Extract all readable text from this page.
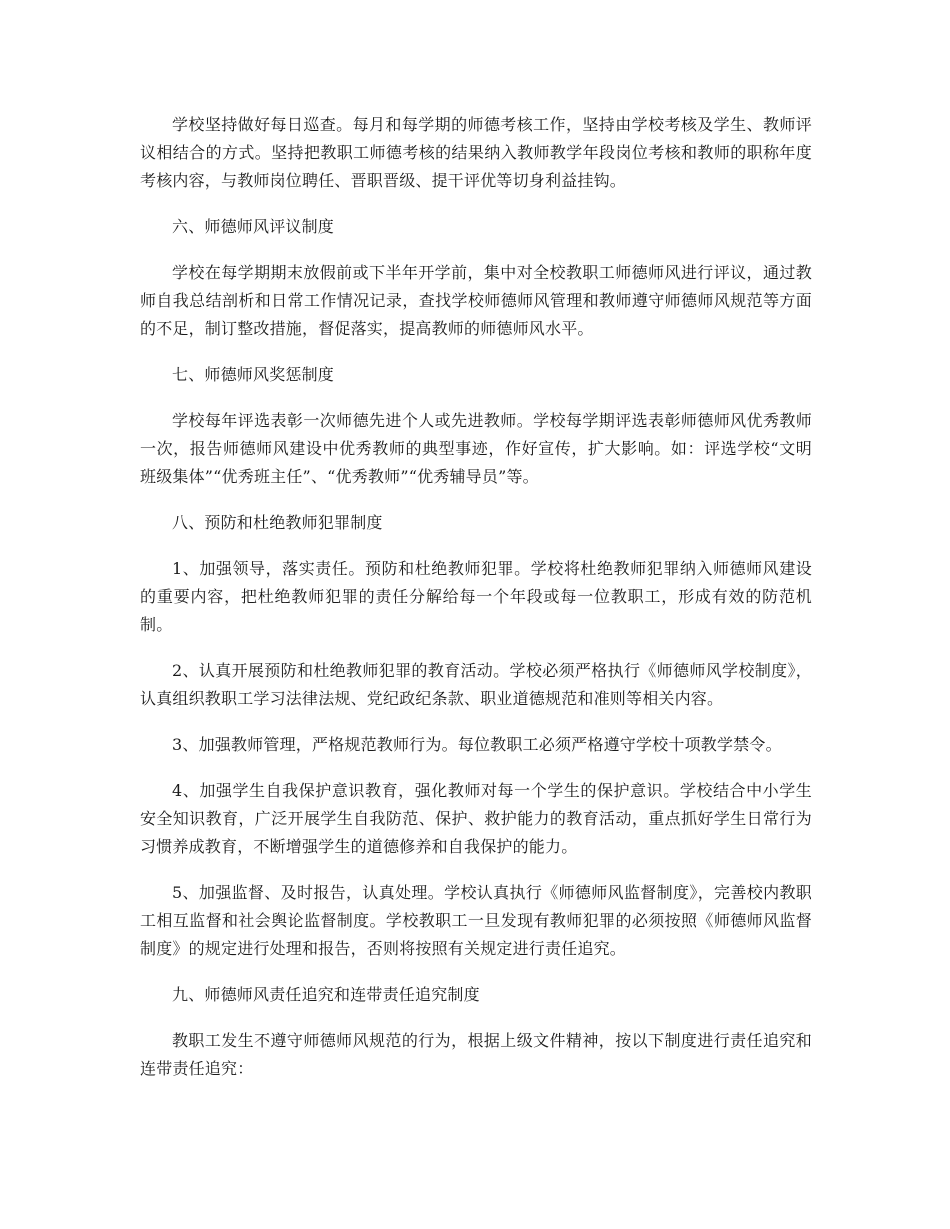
学校坚持做好每日巡查。每月和每学期的师德考核工作，坚持由学校考核及学生、教师评议相结合的方式。坚持把教职工师德考核的结果纳入教师教学年段岗位考核和教师的职称年度考核内容，与教师岗位聘任、晋职晋级、提干评优等切身利益挂钩。

六、师德师风评议制度

学校在每学期期末放假前或下半年开学前，集中对全校教职工师德师风进行评议，通过教师自我总结剖析和日常工作情况记录，查找学校师德师风管理和教师遵守师德师风规范等方面的不足，制订整改措施，督促落实，提高教师的师德师风水平。

七、师德师风奖惩制度

学校每年评选表彰一次师德先进个人或先进教师。学校每学期评选表彰师德师风优秀教师一次，报告师德师风建设中优秀教师的典型事迹，作好宣传，扩大影响。如：评选学校“文明班级集体”“优秀班主任”、“优秀教师”“优秀辅导员”等。

八、预防和杜绝教师犯罪制度

1、加强领导，落实责任。预防和杜绝教师犯罪。学校将杜绝教师犯罪纳入师德师风建设的重要内容，把杜绝教师犯罪的责任分解给每一个年段或每一位教职工，形成有效的防范机制。

2、认真开展预防和杜绝教师犯罪的教育活动。学校必须严格执行《师德师风学校制度》，认真组织教职工学习法律法规、党纪政纪条款、职业道德规范和准则等相关内容。

3、加强教师管理，严格规范教师行为。每位教职工必须严格遵守学校十项教学禁令。

4、加强学生自我保护意识教育，强化教师对每一个学生的保护意识。学校结合中小学生安全知识教育，广泛开展学生自我防范、保护、救护能力的教育活动，重点抓好学生日常行为习惯养成教育，不断增强学生的道德修养和自我保护的能力。

5、加强监督、及时报告，认真处理。学校认真执行《师德师风监督制度》，完善校内教职工相互监督和社会舆论监督制度。学校教职工一旦发现有教师犯罪的必须按照《师德师风监督制度》的规定进行处理和报告，否则将按照有关规定进行责任追究。

九、师德师风责任追究和连带责任追究制度

教职工发生不遵守师德师风规范的行为，根据上级文件精神，按以下制度进行责任追究和连带责任追究：
